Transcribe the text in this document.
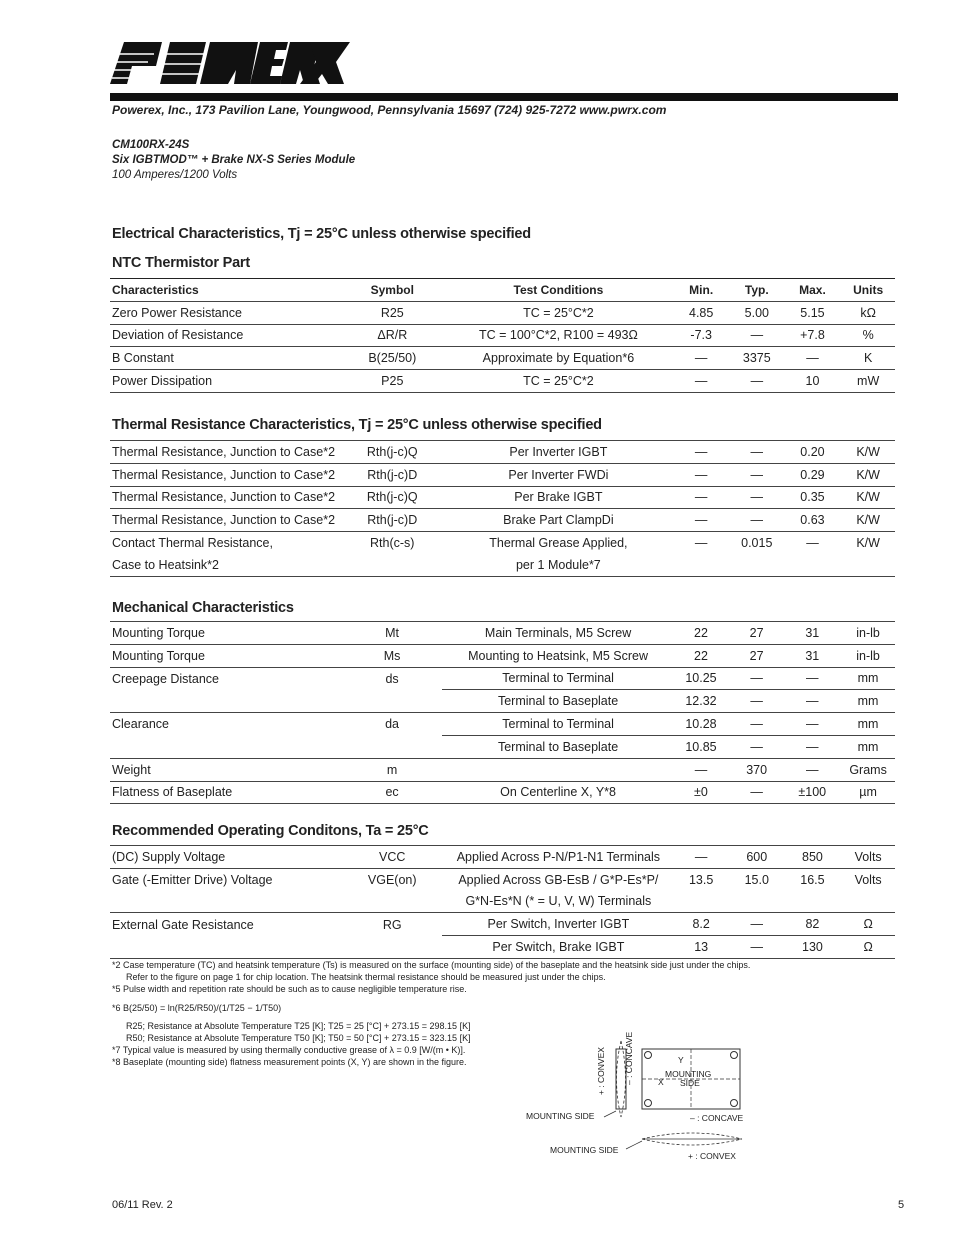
Powerex, Inc., 173 Pavilion Lane, Youngwood, Pennsylvania 15697 (724) 925-7272 www.pwrx.com
CM100RX-24S
Six IGBTMOD™ + Brake NX-S Series Module
100 Amperes/1200 Volts
Electrical Characteristics, Tj = 25°C unless otherwise specified
NTC Thermistor Part
Characteristics	Symbol	Test Conditions	Min.	Typ.	Max.	Units
Zero Power Resistance	R25	TC = 25°C*2	4.85	5.00	5.15	kΩ
Deviation of Resistance	ΔR/R	TC = 100°C*2, R100 = 493Ω	-7.3	—	+7.8	%
B Constant	B(25/50)	Approximate by Equation*6	—	3375	—	K
Power Dissipation	P25	TC = 25°C*2	—	—	10	mW
Thermal Resistance Characteristics, Tj = 25°C unless otherwise specified
Thermal Resistance, Junction to Case*2	Rth(j-c)Q	Per Inverter IGBT	—	—	0.20	K/W
Thermal Resistance, Junction to Case*2	Rth(j-c)D	Per Inverter FWDi	—	—	0.29	K/W
Thermal Resistance, Junction to Case*2	Rth(j-c)Q	Per Brake IGBT	—	—	0.35	K/W
Thermal Resistance, Junction to Case*2	Rth(j-c)D	Brake Part ClampDi	—	—	0.63	K/W
Contact Thermal Resistance,	Rth(c-s)	Thermal Grease Applied,	—	0.015	—	K/W
Case to Heatsink*2		per 1 Module*7				
Mechanical Characteristics
Mounting Torque	Mt	Main Terminals, M5 Screw	22	27	31	in-lb
Mounting Torque	Ms	Mounting to Heatsink, M5 Screw	22	27	31	in-lb
Creepage Distance	ds	Terminal to Terminal	10.25	—	—	mm
		Terminal to Baseplate	12.32	—	—	mm
Clearance	da	Terminal to Terminal	10.28	—	—	mm
		Terminal to Baseplate	10.85	—	—	mm
Weight	m		—	370	—	Grams
Flatness of Baseplate	ec	On Centerline X, Y*8	±0	—	±100	µm
Recommended Operating Conditons, Ta = 25°C
(DC) Supply Voltage	VCC	Applied Across P-N/P1-N1 Terminals	—	600	850	Volts
Gate (-Emitter Drive) Voltage	VGE(on)	Applied Across GB-EsB / G*P-Es*P/	13.5	15.0	16.5	Volts
		G*N-Es*N (* = U, V, W) Terminals				
External Gate Resistance	RG	Per Switch, Inverter IGBT	8.2	—	82	Ω
		Per Switch, Brake IGBT	13	—	130	Ω
*2 Case temperature (TC) and heatsink temperature (Ts) is measured on the surface (mounting side) of the baseplate and the heatsink side just under the chips.
Refer to the figure on page 1 for chip location. The heatsink thermal resistance should be measured just under the chips.
*5 Pulse width and repetition rate should be such as to cause negligible temperature rise.
*6 B(25/50) = ln(R25/R50)/(1/T25 − 1/T50)
R25; Resistance at Absolute Temperature T25 [K]; T25 = 25 [°C] + 273.15 = 298.15 [K]
R50; Resistance at Absolute Temperature T50 [K]; T50 = 50 [°C] + 273.15 = 323.15 [K]
*7 Typical value is measured by using thermally conductive grease of λ = 0.9 [W/(m • K)].
*8 Baseplate (mounting side) flatness measurement points (X, Y) are shown in the figure.	+ : CONVEX – : CONCAVE	X
Y
MOUNTING
SIDE
MOUNTING SIDE	– : CONCAVE
MOUNTING SIDE
+ : CONVEX
06/11 Rev. 2	5
